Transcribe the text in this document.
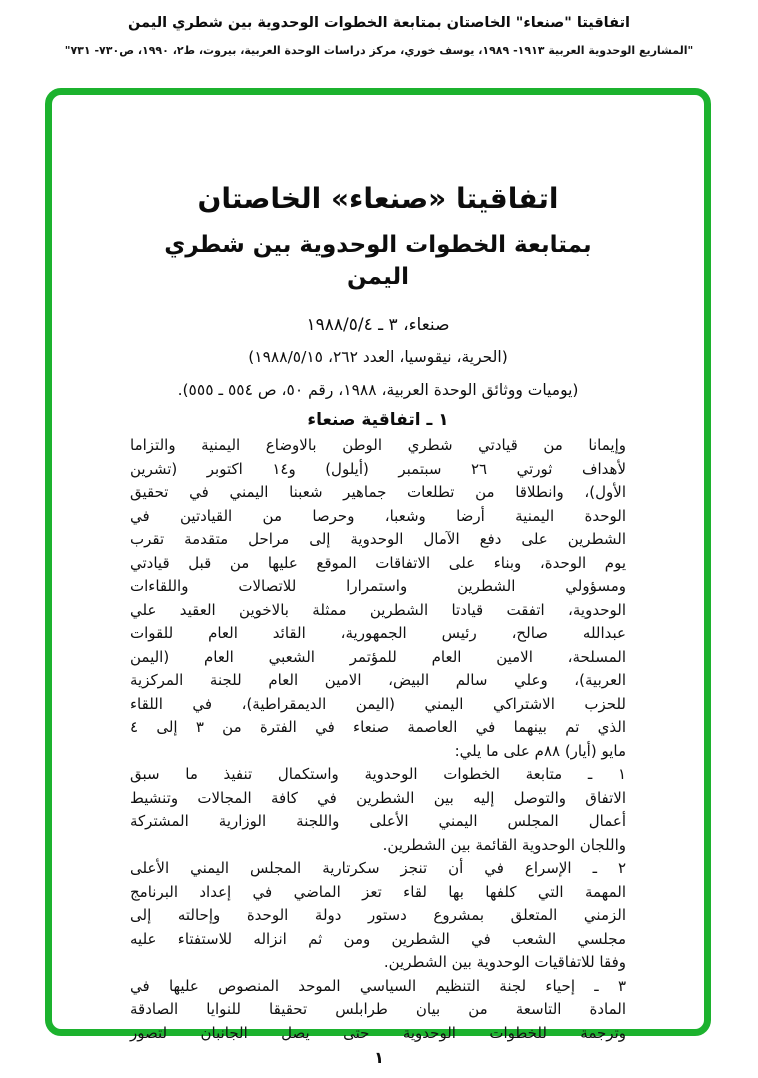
اتفاقيتا "صنعاء" الخاصتان بمتابعة الخطوات الوحدوية بين شطري اليمن
"المشاريع الوحدوية العربية ١٩١٣- ١٩٨٩، يوسف خوري، مركز دراسات الوحدة العربية، بيروت، ط٢، ١٩٩٠، ص٧٣٠- ٧٣١"
اتفاقيتا «صنعاء» الخاصتان
بمتابعة الخطوات الوحدوية بين شطري اليمن
صنعاء، ٣ ـ ١٩٨٨/٥/٤
(الحرية، نيقوسيا، العدد ٢٦٢، ١٩٨٨/٥/١٥)
(يوميات ووثائق الوحدة العربية، ١٩٨٨، رقم ٥٠، ص ٥٥٤ ـ ٥٥٥).
١ ـ اتفاقية صنعاء
وإيمانا من قيادتي شطري الوطن بالاوضاع اليمنية والتزاما
لأهداف ثورتي ٢٦ سبتمبر (أيلول) و١٤ اكتوبر (تشرين
الأول)، وانطلاقا من تطلعات جماهير شعبنا اليمني في تحقيق
الوحدة اليمنية أرضا وشعبا، وحرصا من القيادتين في
الشطرين على دفع الآمال الوحدوية إلى مراحل متقدمة تقرب
يوم الوحدة، وبناء على الاتفاقات الموقع عليها من قبل قيادتي
ومسؤولي الشطرين واستمرارا للاتصالات واللقاءات
الوحدوية، اتفقت قيادتا الشطرين ممثلة بالاخوين العقيد علي
عبدالله صالح، رئيس الجمهورية، القائد العام للقوات
المسلحة، الامين العام للمؤتمر الشعبي العام (اليمن
العربية)، وعلي سالم البيض، الامين العام للجنة المركزية
للحزب الاشتراكي اليمني (اليمن الديمقراطية)، في اللقاء
الذي تم بينهما في العاصمة صنعاء في الفترة من ٣ إلى ٤
مايو (أيار) ٨٨م على ما يلي:
١ ـ متابعة الخطوات الوحدوية واستكمال تنفيذ ما سبق
الاتفاق والتوصل إليه بين الشطرين في كافة المجالات وتنشيط
أعمال المجلس اليمني الأعلى واللجنة الوزارية المشتركة
واللجان الوحدوية القائمة بين الشطرين.
٢ ـ الإسراع في أن تنجز سكرتارية المجلس اليمني الأعلى
المهمة التي كلفها بها لقاء تعز الماضي في إعداد البرنامج
الزمني المتعلق بمشروع دستور دولة الوحدة وإحالته إلى
مجلسي الشعب في الشطرين ومن ثم انزاله للاستفتاء عليه
وفقا للاتفاقيات الوحدوية بين الشطرين.
٣ ـ إحياء لجنة التنظيم السياسي الموحد المنصوص عليها في
المادة التاسعة من بيان طرابلس تحقيقا للنوايا الصادقة
وترجمة للخطوات الوحدوية حتى يصل الجانبان لتصور
١
